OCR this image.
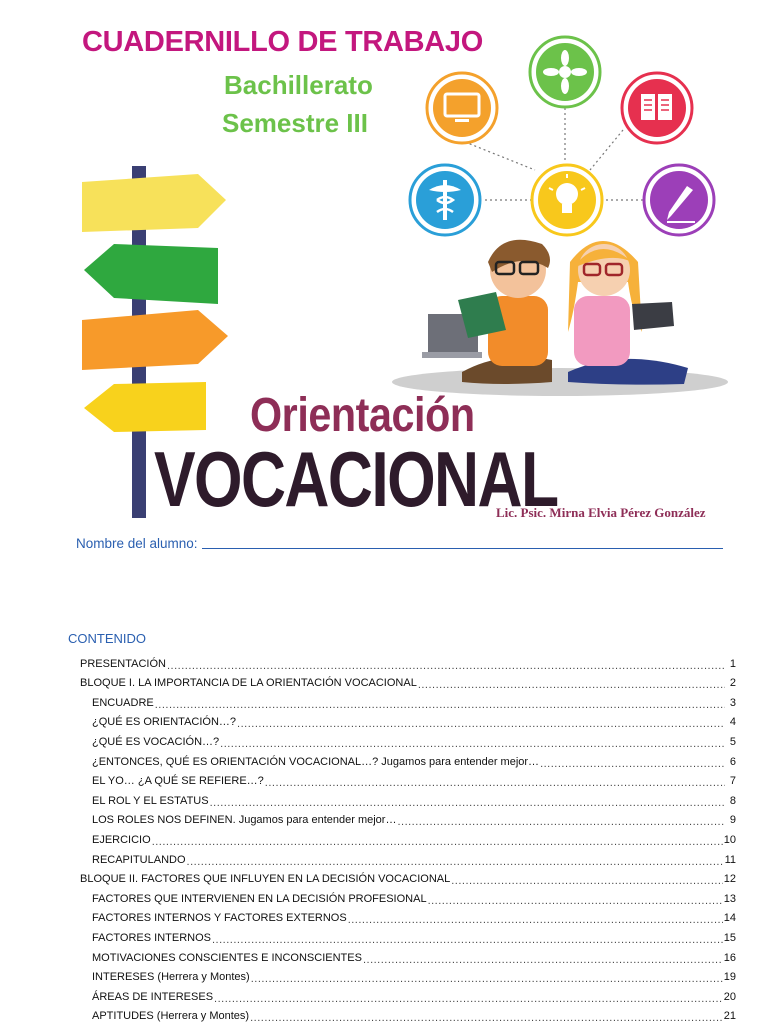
CUADERNILLO DE TRABAJO
Bachillerato
Semestre III
Orientación
VOCACIONAL
Lic. Psic. Mirna Elvia Pérez González
Nombre del alumno:
CONTENIDO
PRESENTACIÓN .....	1
BLOQUE I. LA IMPORTANCIA DE LA ORIENTACIÓN VOCACIONAL .....	2
ENCUADRE .....	3
¿QUÉ ES ORIENTACIÓN…? .....	4
¿QUÉ ES VOCACIÓN…? .....	5
¿ENTONCES, QUÉ ES ORIENTACIÓN VOCACIONAL…? Jugamos para entender mejor… .....	6
EL YO… ¿A QUÉ SE REFIERE…? .....	7
EL ROL Y EL ESTATUS .....	8
LOS ROLES NOS DEFINEN. Jugamos para entender mejor… .....	9
EJERCICIO .....	10
RECAPITULANDO .....	11
BLOQUE II. FACTORES QUE INFLUYEN EN LA DECISIÓN VOCACIONAL .....	12
FACTORES QUE INTERVIENEN EN LA DECISIÓN PROFESIONAL .....	13
FACTORES INTERNOS Y FACTORES EXTERNOS .....	14
FACTORES INTERNOS .....	15
MOTIVACIONES CONSCIENTES E INCONSCIENTES .....	16
INTERESES (Herrera y Montes) .....	19
ÁREAS DE INTERESES .....	20
APTITUDES (Herrera y Montes) .....	21
